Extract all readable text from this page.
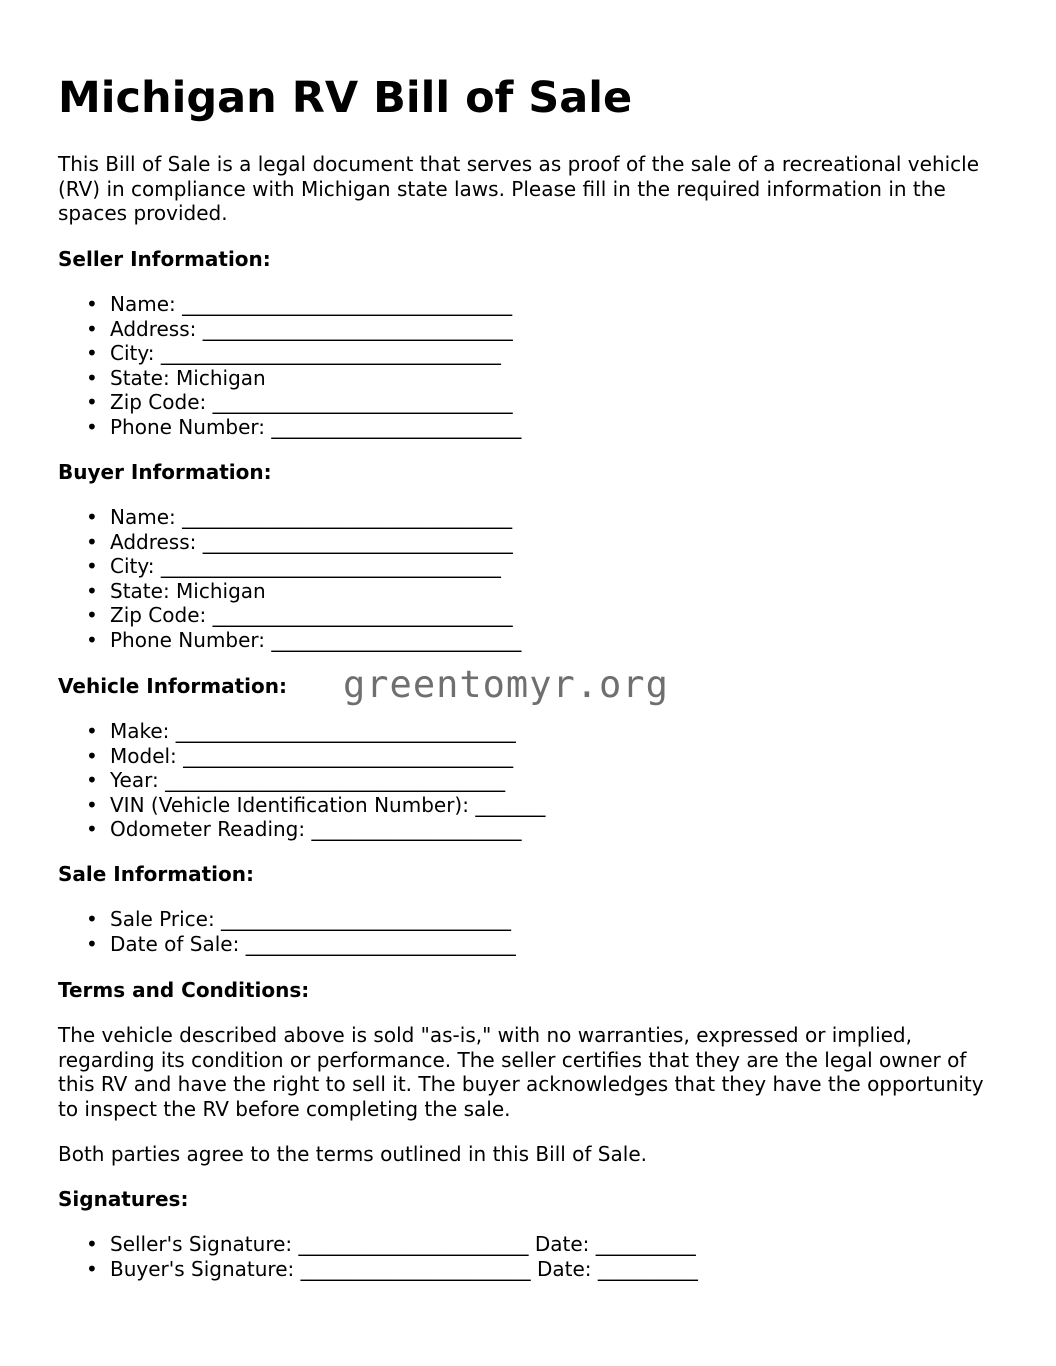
Michigan RV Bill of Sale

This Bill of Sale is a legal document that serves as proof of the sale of a recreational vehicle (RV) in compliance with Michigan state laws. Please fill in the required information in the spaces provided.

Seller Information:
• Name: _________________________________
• Address: _______________________________
• City: __________________________________
• State: Michigan
• Zip Code: ______________________________
• Phone Number: _________________________
Buyer Information:
• Name: _________________________________
• Address: _______________________________
• City: __________________________________
• State: Michigan
• Zip Code: ______________________________
• Phone Number: _________________________
Vehicle Information:
• Make: __________________________________
• Model: _________________________________
• Year: __________________________________
• VIN (Vehicle Identification Number): _______
• Odometer Reading: _____________________
Sale Information:
• Sale Price: _____________________________
• Date of Sale: ___________________________
Terms and Conditions:

The vehicle described above is sold "as-is," with no warranties, expressed or implied, regarding its condition or performance. The seller certifies that they are the legal owner of this RV and have the right to sell it. The buyer acknowledges that they have the opportunity to inspect the RV before completing the sale.

Both parties agree to the terms outlined in this Bill of Sale.

Signatures:
• Seller's Signature: _______________________ Date: __________
• Buyer's Signature: _______________________ Date: __________
greentomyr.org
